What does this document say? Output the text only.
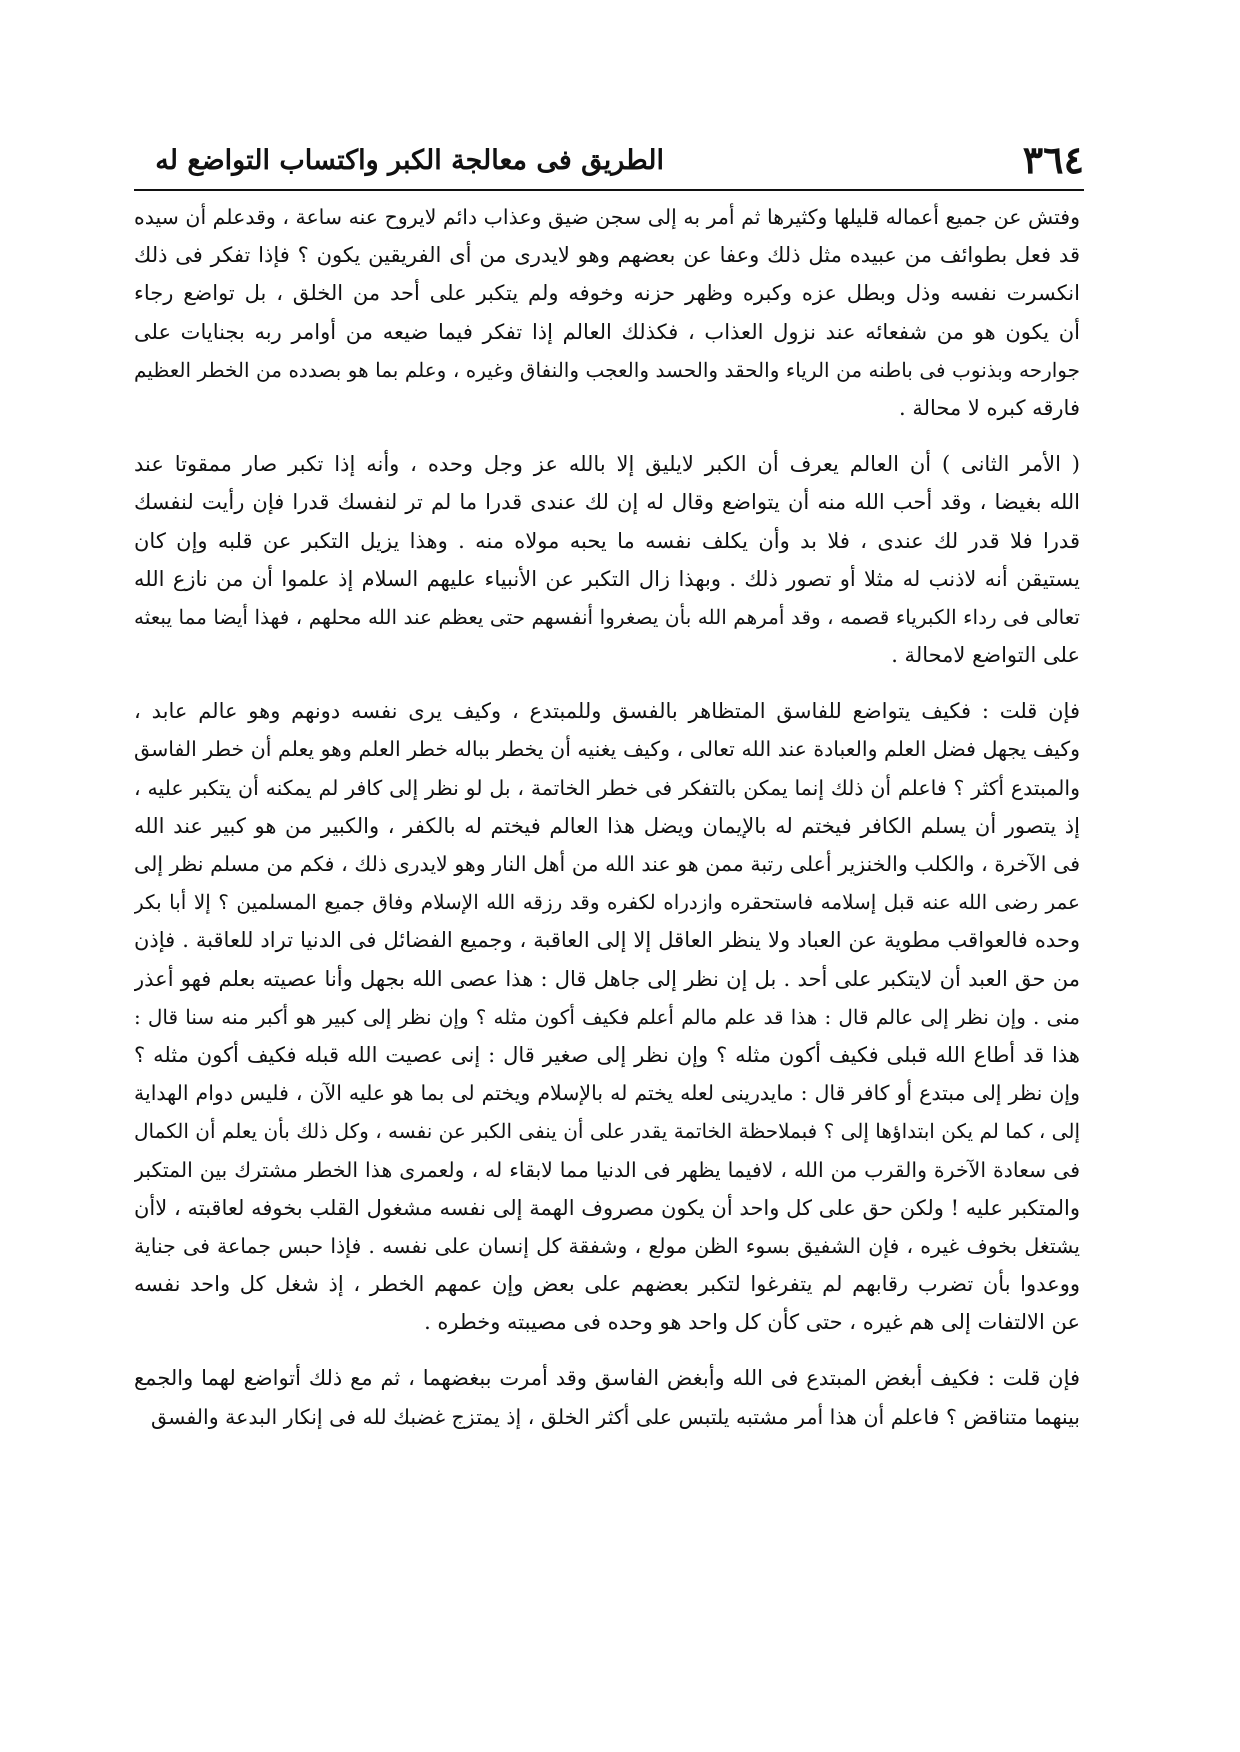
٣٦٤
الطريق فى معالجة الكبر واكتساب التواضع له
وفتش عن جميع أعماله قليلها وكثيرها ثم أمر به إلى سجن ضيق وعذاب دائم لايروح عنه ساعة ، وقدعلم أن سيده
قد فعل بطوائف من عبيده مثل ذلك وعفا عن بعضهم وهو لايدرى من أى الفريقين يكون ؟ فإذا تفكر فى ذلك
انكسرت نفسه وذل وبطل عزه وكبره وظهر حزنه وخوفه ولم يتكبر على أحد من الخلق ، بل تواضع رجاء
أن يكون هو من شفعائه عند نزول العذاب ، فكذلك العالم إذا تفكر فيما ضيعه من أوامر ربه بجنايات على
جوارحه وبذنوب فى باطنه من الرياء والحقد والحسد والعجب والنفاق وغيره ، وعلم بما هو بصدده من الخطر العظيم
فارقه كبره لا محالة .
( الأمر الثانى ) أن العالم يعرف أن الكبر لايليق إلا بالله عز وجل وحده ، وأنه إذا تكبر صار ممقوتا عند
الله بغيضا ، وقد أحب الله منه أن يتواضع وقال له إن لك عندى قدرا ما لم تر لنفسك قدرا فإن رأيت لنفسك
قدرا فلا قدر لك عندى ، فلا بد وأن يكلف نفسه ما يحبه مولاه منه . وهذا يزيل التكبر عن قلبه وإن كان
يستيقن أنه لاذنب له مثلا أو تصور ذلك . وبهذا زال التكبر عن الأنبياء عليهم السلام إذ علموا أن من نازع الله
تعالى فى رداء الكبرياء قصمه ، وقد أمرهم الله بأن يصغروا أنفسهم حتى يعظم عند الله محلهم ، فهذا أيضا مما يبعثه
على التواضع لامحالة .
فإن قلت : فكيف يتواضع للفاسق المتظاهر بالفسق وللمبتدع ، وكيف يرى نفسه دونهم وهو عالم عابد ،
وكيف يجهل فضل العلم والعبادة عند الله تعالى ، وكيف يغنيه أن يخطر بباله خطر العلم وهو يعلم أن خطر الفاسق
والمبتدع أكثر ؟ فاعلم أن ذلك إنما يمكن بالتفكر فى خطر الخاتمة ، بل لو نظر إلى كافر لم يمكنه أن يتكبر عليه ،
إذ يتصور أن يسلم الكافر فيختم له بالإيمان ويضل هذا العالم فيختم له بالكفر ، والكبير من هو كبير عند الله
فى الآخرة ، والكلب والخنزير أعلى رتبة ممن هو عند الله من أهل النار وهو لايدرى ذلك ، فكم من مسلم نظر إلى
عمر رضى الله عنه قبل إسلامه فاستحقره وازدراه لكفره وقد رزقه الله الإسلام وفاق جميع المسلمين ؟ إلا أبا بكر
وحده فالعواقب مطوية عن العباد ولا ينظر العاقل إلا إلى العاقبة ، وجميع الفضائل فى الدنيا تراد للعاقبة . فإذن
من حق العبد أن لايتكبر على أحد . بل إن نظر إلى جاهل قال : هذا عصى الله بجهل وأنا عصيته بعلم فهو أعذر
منى . وإن نظر إلى عالم قال : هذا قد علم مالم أعلم فكيف أكون مثله ؟ وإن نظر إلى كبير هو أكبر منه سنا قال :
هذا قد أطاع الله قبلى فكيف أكون مثله ؟ وإن نظر إلى صغير قال : إنى عصيت الله قبله فكيف أكون مثله ؟
وإن نظر إلى مبتدع أو كافر قال : مايدرينى لعله يختم له بالإسلام ويختم لى بما هو عليه الآن ، فليس دوام الهداية
إلى ، كما لم يكن ابتداؤها إلى ؟ فبملاحظة الخاتمة يقدر على أن ينفى الكبر عن نفسه ، وكل ذلك بأن يعلم أن الكمال
فى سعادة الآخرة والقرب من الله ، لافيما يظهر فى الدنيا مما لابقاء له ، ولعمرى هذا الخطر مشترك بين المتكبر
والمتكبر عليه ! ولكن حق على كل واحد أن يكون مصروف الهمة إلى نفسه مشغول القلب بخوفه لعاقبته ، لاأن
يشتغل بخوف غيره ، فإن الشفيق بسوء الظن مولع ، وشفقة كل إنسان على نفسه . فإذا حبس جماعة فى جناية
ووعدوا بأن تضرب رقابهم لم يتفرغوا لتكبر بعضهم على بعض وإن عمهم الخطر ، إذ شغل كل واحد نفسه
عن الالتفات إلى هم غيره ، حتى كأن كل واحد هو وحده فى مصيبته وخطره .
فإن قلت : فكيف أبغض المبتدع فى الله وأبغض الفاسق وقد أمرت ببغضهما ، ثم مع ذلك أتواضع لهما والجمع
بينهما متناقض ؟ فاعلم أن هذا أمر مشتبه يلتبس على أكثر الخلق ، إذ يمتزج غضبك لله فى إنكار البدعة والفسق
